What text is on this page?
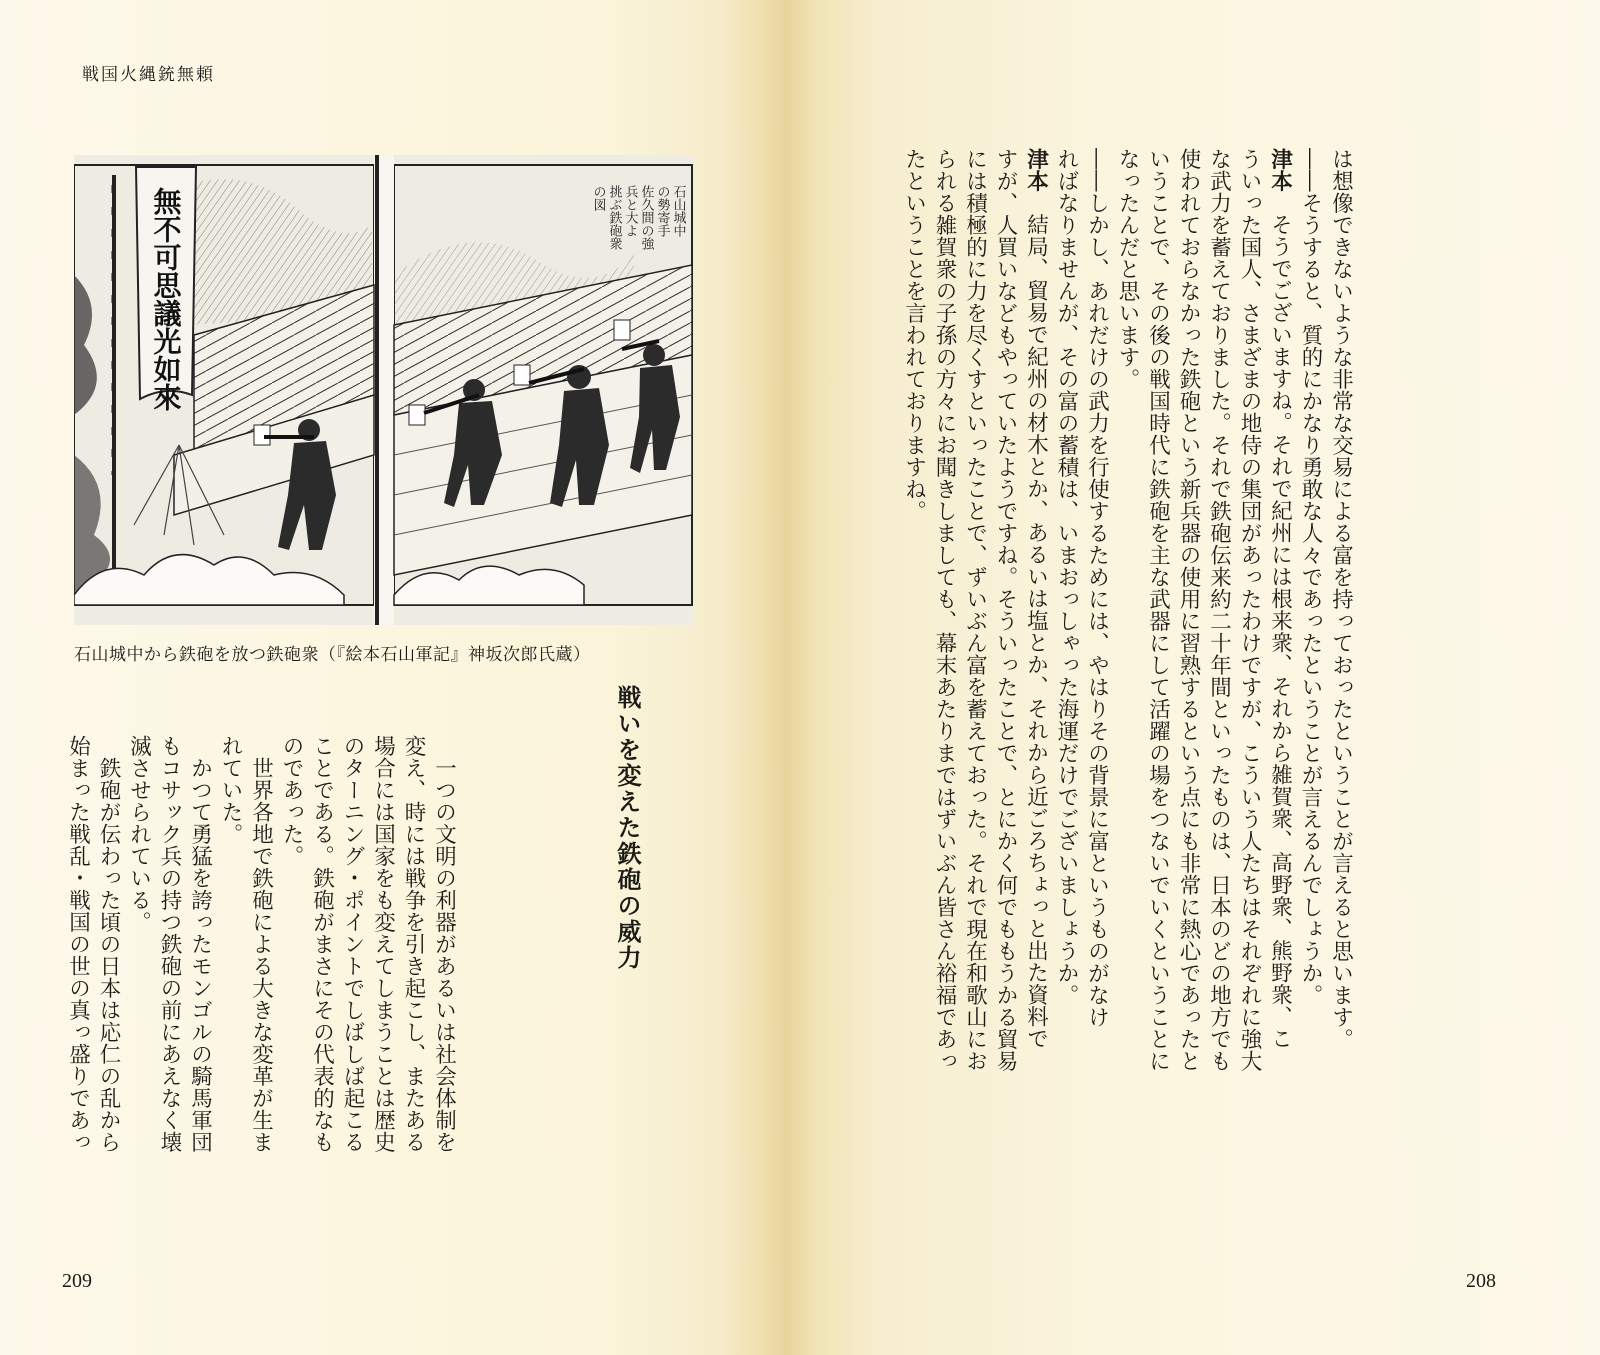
戦国火縄銃無頼
無不可思議光如來	石山城中
の勢寄手
佐久間の強
兵と大よ
挑ぶ鉄砲衆
の図
石山城中から鉄砲を放つ鉄砲衆（『絵本石山軍記』神坂次郎氏蔵）
戦いを変えた鉄砲の威力
一つの文明の利器があるいは社会体制を
変え、時には戦争を引き起こし、またある
場合には国家をも変えてしまうことは歴史
のターニング・ポイントでしばしば起こる
ことである。鉄砲がまさにその代表的なも
のであった。
世界各地で鉄砲による大きな変革が生ま
れていた。
かつて勇猛を誇ったモンゴルの騎馬軍団
もコサック兵の持つ鉄砲の前にあえなく壊
滅させられている。
鉄砲が伝わった頃の日本は応仁の乱から
始まった戦乱・戦国の世の真っ盛りであっ
209	208
は想像できないような非常な交易による富を持っておったということが言えると思います。
――そうすると、質的にかなり勇敢な人々であったということが言えるんでしょうか。
津本そうでございますね。それで紀州には根来衆、それから雑賀衆、高野衆、熊野衆、こ
ういった国人、さまざまの地侍の集団があったわけですが、こういう人たちはそれぞれに強大
な武力を蓄えておりました。それで鉄砲伝来約二十年間といったものは、日本のどの地方でも
使われておらなかった鉄砲という新兵器の使用に習熟するという点にも非常に熱心であったと
いうことで、その後の戦国時代に鉄砲を主な武器にして活躍の場をつないでいくということに
なったんだと思います。
――しかし、あれだけの武力を行使するためには、やはりその背景に富というものがなけ
ればなりませんが、その富の蓄積は、いまおっしゃった海運だけでございましょうか。
津本結局、貿易で紀州の材木とか、あるいは塩とか、それから近ごろちょっと出た資料で
すが、人買いなどもやっていたようですね。そういったことで、とにかく何でももうかる貿易
には積極的に力を尽くすといったことで、ずいぶん富を蓄えておった。それで現在和歌山にお
られる雑賀衆の子孫の方々にお聞きしましても、幕末あたりまではずいぶん皆さん裕福であっ
たということを言われておりますね。
